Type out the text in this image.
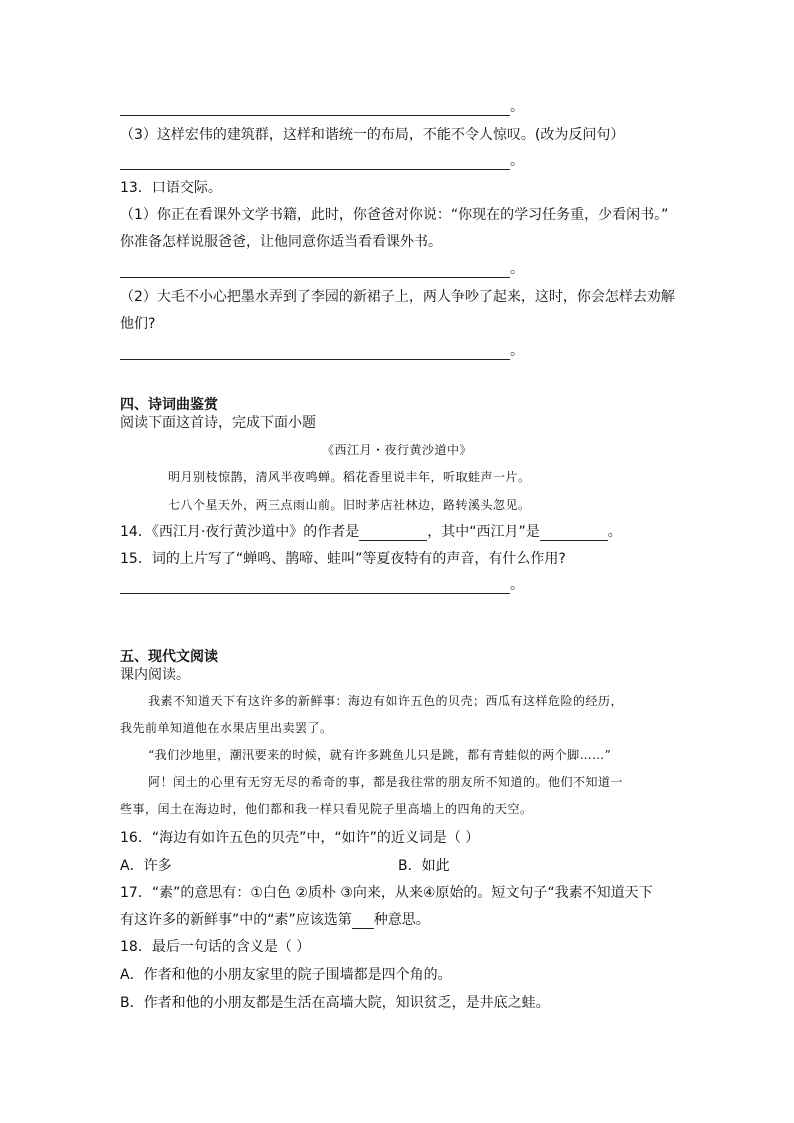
。
（3）这样宏伟的建筑群，这样和谐统一的布局，不能不令人惊叹。(改为反问句）
。
13．口语交际。
（1）你正在看课外文学书籍，此时，你爸爸对你说：“你现在的学习任务重，少看闲书。”
你准备怎样说服爸爸，让他同意你适当看看课外书。
。
（2）大毛不小心把墨水弄到了李园的新裙子上，两人争吵了起来，这时，你会怎样去劝解
他们?
。
四、诗词曲鉴赏
阅读下面这首诗，完成下面小题
《西江月・夜行黄沙道中》
明月别枝惊鹊，清风半夜鸣蝉。稻花香里说丰年，听取蛙声一片。
七八个星天外，两三点雨山前。旧时茅店社林边，路转溪头忽见。
14．《西江月·夜行黄沙道中》的作者是	，其中“西江月”是	。
15．词的上片写了“蝉鸣、鹊啼、蛙叫”等夏夜特有的声音，有什么作用?
。
五、现代文阅读
课内阅读。
我素不知道天下有这许多的新鲜事：海边有如许五色的贝壳；西瓜有这样危险的经历，
我先前单知道他在水果店里出卖罢了。
“我们沙地里，潮汛要来的时候，就有许多跳鱼儿只是跳，都有青蛙似的两个脚……”
阿！闰土的心里有无穷无尽的希奇的事，都是我往常的朋友所不知道的。他们不知道一
些事，闰土在海边时，他们都和我一样只看见院子里高墙上的四角的天空。
16．“海边有如许五色的贝壳”中，“如许”的近义词是（ ）
A．许多	B．如此
17．“素”的意思有：①白色 ②质朴 ③向来，从来④原始的。短文句子“我素不知道天下
有这许多的新鲜事”中的“素”应该选第 种意思。
18．最后一句话的含义是（ ）
A．作者和他的小朋友家里的院子围墙都是四个角的。
B．作者和他的小朋友都是生活在高墙大院，知识贫乏，是井底之蛙。
